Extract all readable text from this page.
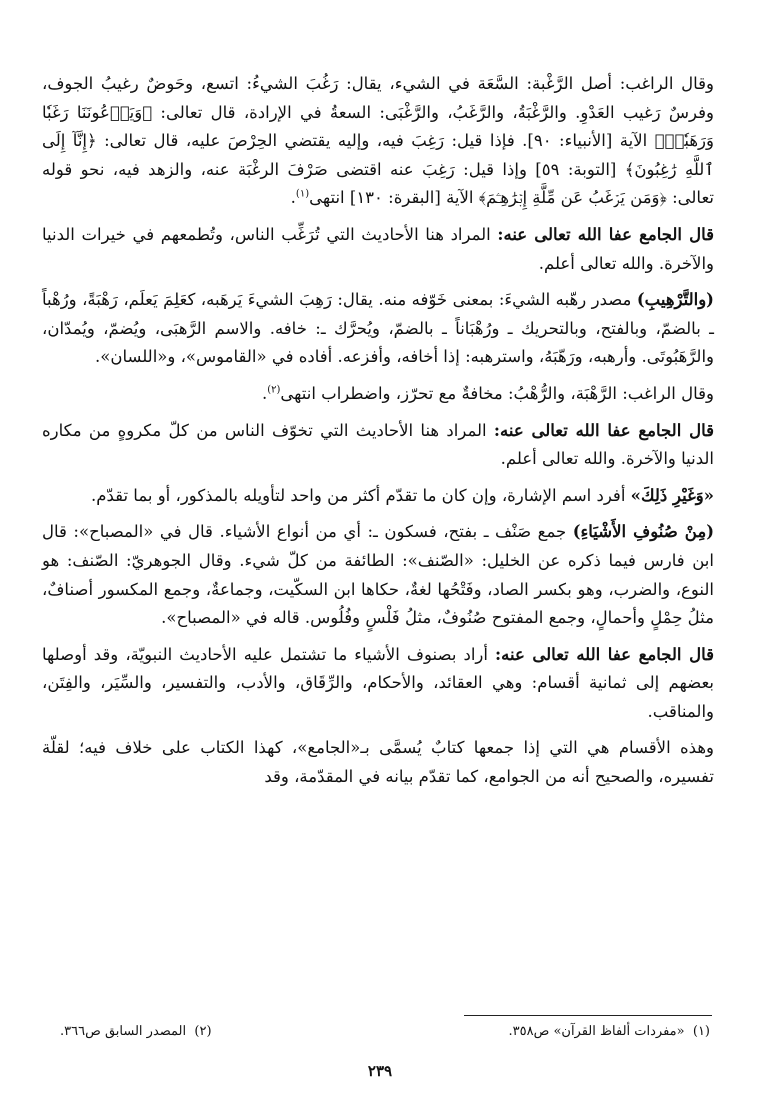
وقال الراغب: أصل الرَّغْبة: السَّعَة في الشيء، يقال: رَغُبَ الشيءُ: اتسع، وحَوضٌ رغيبُ الجوف، وفرسٌ رَغيب العَدْوِ. والرَّغْبَةُ، والرَّغَبُ، والرَّغْبَى: السعةُ في الإرادة، قال تعالى: ﴿وَيَدۡعُونَنَا رَغَبٗا وَرَهَبٗاۖ﴾ الآية [الأنبياء: ٩٠]. فإذا قيل: رَغِبَ فيه، وإليه يقتضي الحِرْصَ عليه، قال تعالى: ﴿إِنَّآ إِلَى ٱللَّهِ رَٰغِبُونَ﴾ [التوبة: ٥٩] وإذا قيل: رَغِبَ عنه اقتضى صَرْفَ الرغْبَة عنه، والزهد فيه، نحو قوله تعالى: ﴿وَمَن يَرۡغَبُ عَن مِّلَّةِ إِبۡرَٰهِـۧمَ﴾ الآية [البقرة: ١٣٠] انتهى$^{(١)}$.

قال الجامع عفا الله تعالى عنه: المراد هنا الأحاديث التي تُرَغِّب الناس، وتُطمعهم في خيرات الدنيا والآخرة. والله تعالى أعلم.

(والتَّرْهِيبِ) مصدر رهّبه الشيءَ: بمعنى خَوّفه منه. يقال: رَهِبَ الشيءَ يَرهَبه، كعَلِمَ يَعلَم، رَهْبَةً، ورُهْباً ـ بالضمّ، وبالفتح، وبالتحريك ـ ورُهْبَاناً ـ بالضمّ، ويُحرَّك ـ: خافه. والاسم الرَّهبَى، ويُضمّ، ويُمدّان، والرَّهَبُوتَى. وأرهبه، ورَهّبَهُ، واسترهبه: إذا أخافه، وأفزعه. أفاده في «القاموس»، و«اللسان».

وقال الراغب: الرَّهْبَة، والرُّهْبُ: مخافةٌ مع تحرّز، واضطراب انتهى$^{(٢)}$.

قال الجامع عفا الله تعالى عنه: المراد هنا الأحاديث التي تخوّف الناس من كلّ مكروهٍ من مكاره الدنيا والآخرة. والله تعالى أعلم.

«وَغَيْرِ ذَلِكَ» أفرد اسم الإشارة، وإن كان ما تقدّم أكثر من واحد لتأويله بالمذكور، أو بما تقدّم.

(مِنْ صُنُوفِ الأَشْيَاءِ) جمع صَنْف ـ بفتح، فسكون ـ: أي من أنواع الأشياء. قال في «المصباح»: قال ابن فارس فيما ذكره عن الخليل: «الصّنف»: الطائفة من كلّ شيء. وقال الجوهريّ: الصّنف: هو النوع، والضرب، وهو بكسر الصاد، وفَتْحُها لغةٌ، حكاها ابن السكّيت، وجماعةٌ، وجمع المكسور أصنافٌ، مثلُ حِمْلٍ وأحمالٍ، وجمع المفتوح صُنُوفٌ، مثلُ فَلْسٍ وفُلُوس. قاله في «المصباح».

قال الجامع عفا الله تعالى عنه: أراد بصنوف الأشياء ما تشتمل عليه الأحاديث النبويّة، وقد أوصلها بعضهم إلى ثمانية أقسام: وهي العقائد، والأحكام، والرِّقَاق، والأدب، والتفسير، والسِّيَر، والفِتَن، والمناقب.

وهذه الأقسام هي التي إذا جمعها كتابٌ يُسمَّى بـ«الجامع»، كهذا الكتاب على خلاف فيه؛ لقلّة تفسيره، والصحيح أنه من الجوامع، كما تقدّم بيانه في المقدّمة، وقد

(١)  «مفردات ألفاظ القرآن» ص٣٥٨.
(٢)  المصدر السابق ص٣٦٦.
٢٣٩
